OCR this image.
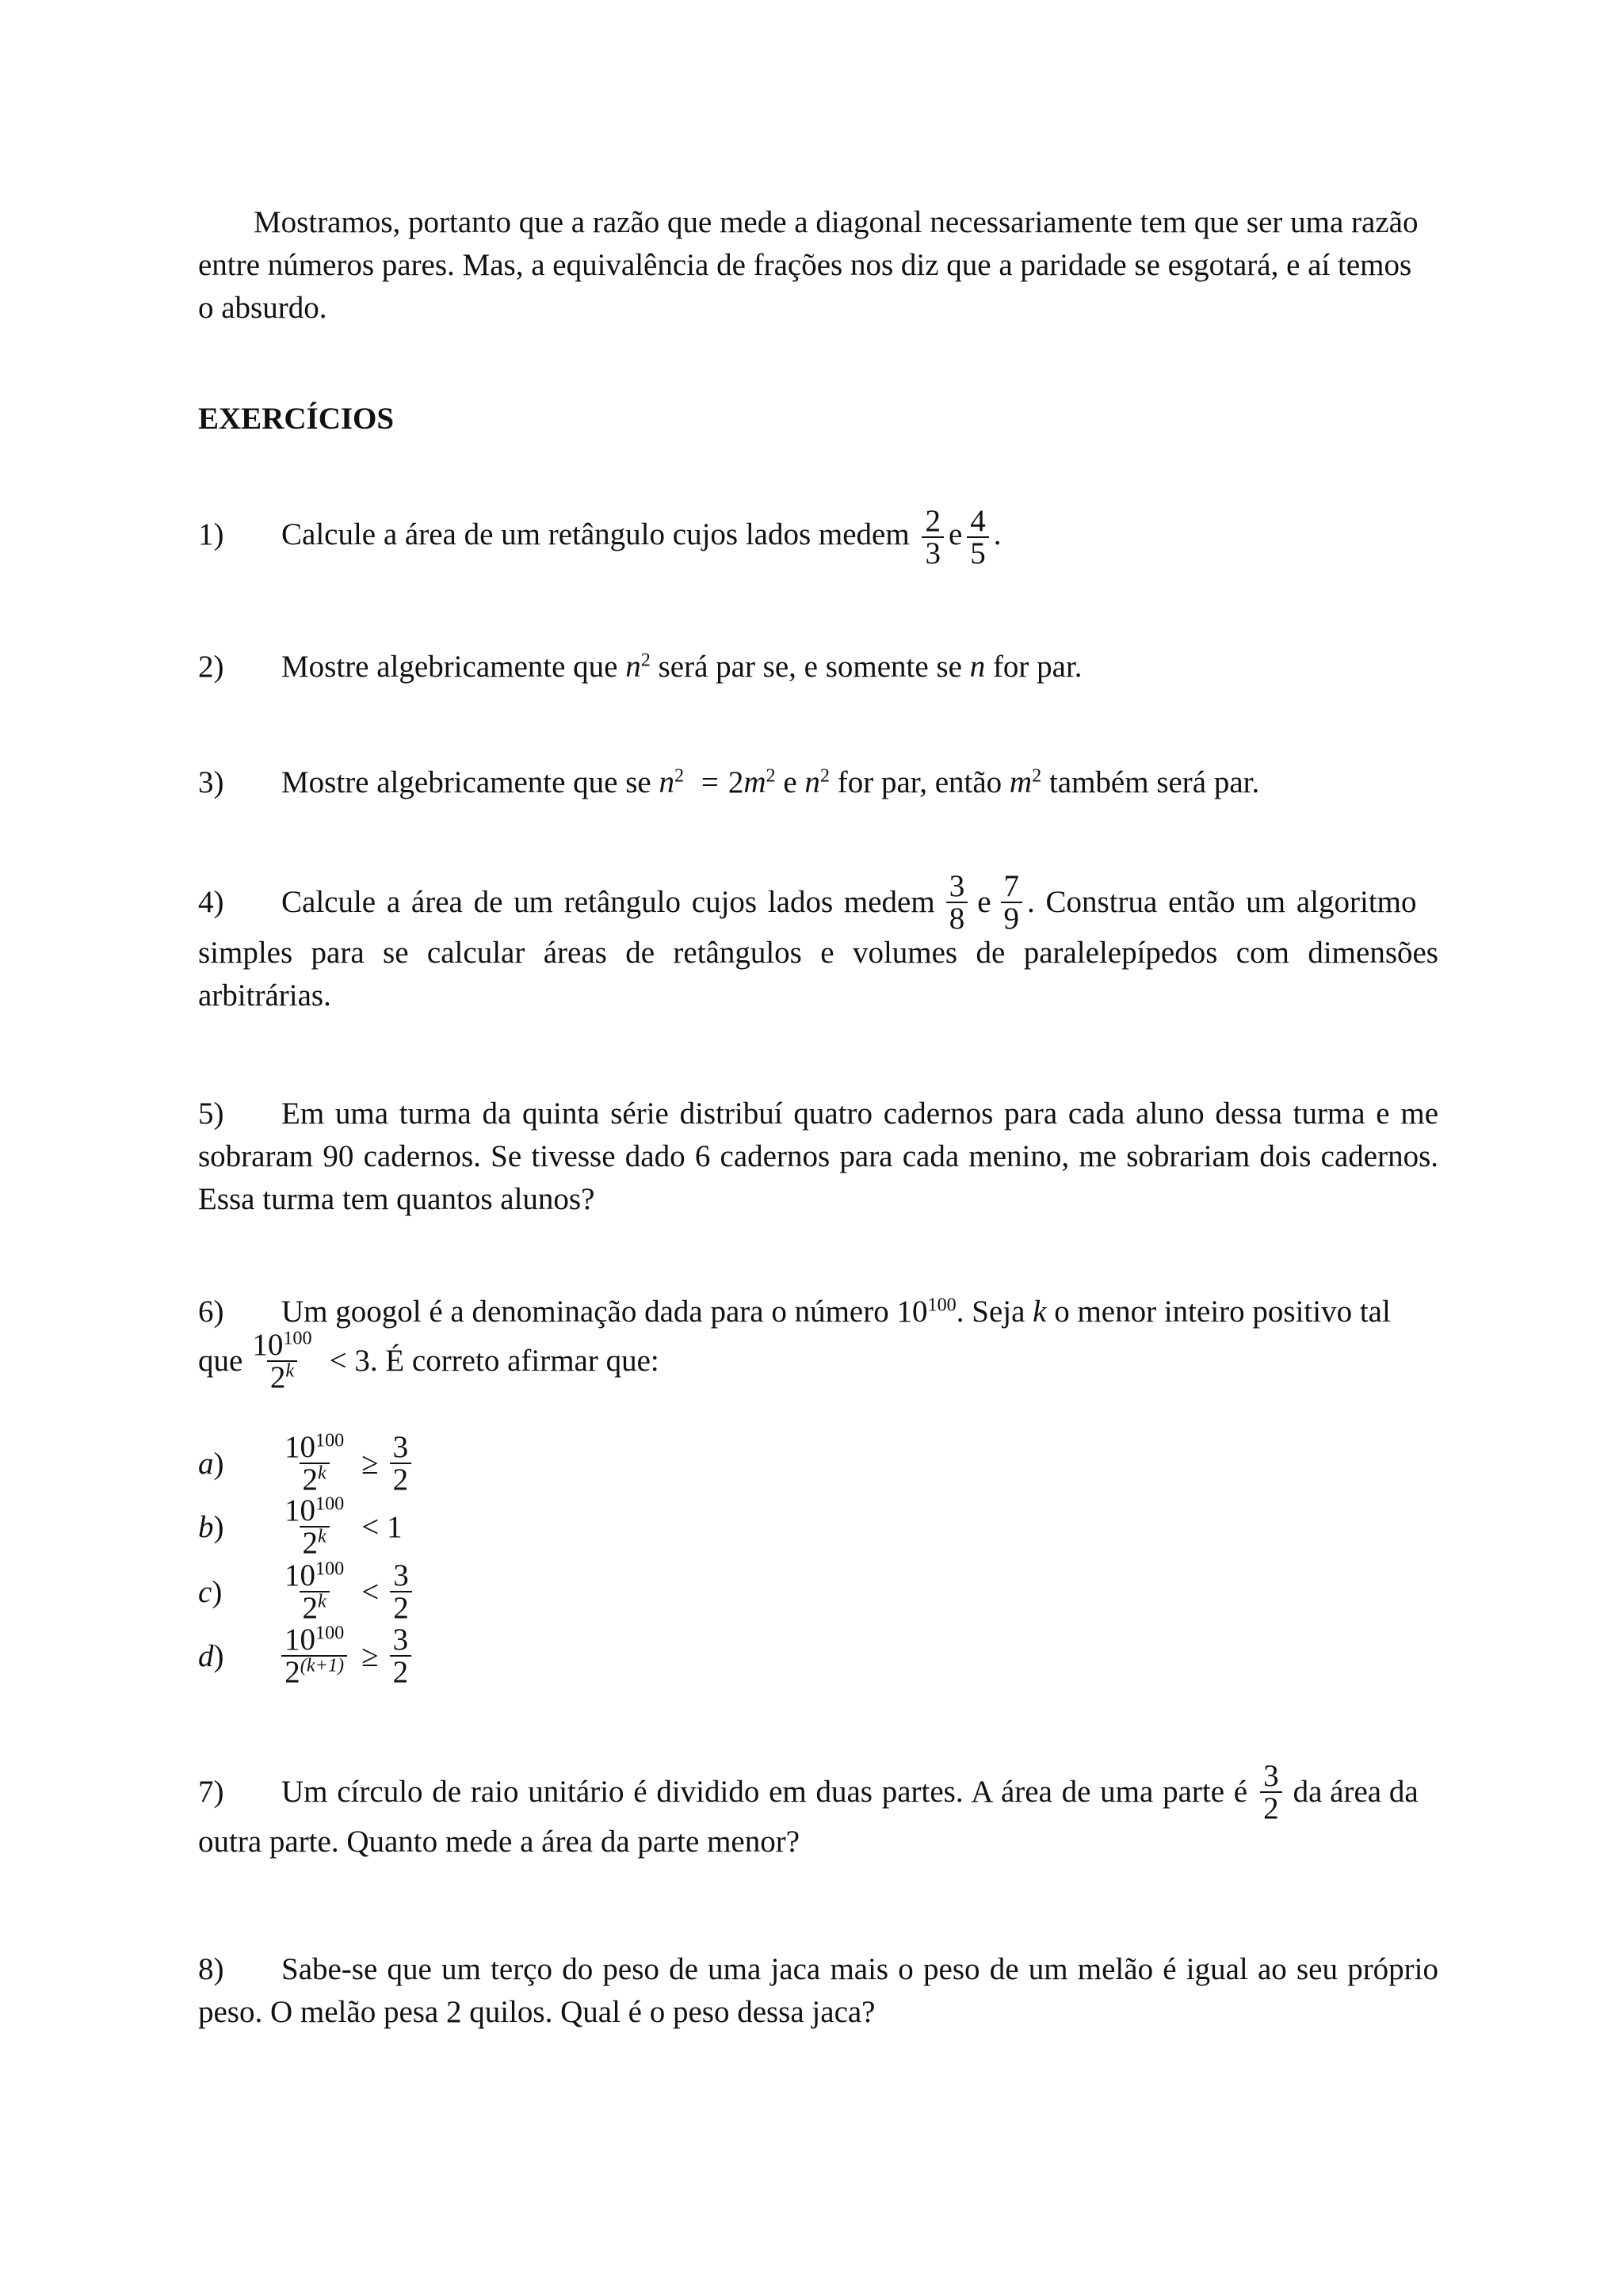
Mostramos, portanto que a razão que mede a diagonal necessariamente tem que ser uma razão
entre números pares. Mas, a equivalência de frações nos diz que a paridade se esgotará, e aí temos
o absurdo.
EXERCÍCIOS
1) Calcule a área de um retângulo cujos lados medem $\frac{2}{3}$ e $\frac{4}{5}$ .
2) Mostre algebricamente que $n^2$ será par se, e somente se n for par.
3) Mostre algebricamente que se $n^2 = 2m^2$ e $n^2$ for par, então $m^2$ também será par.
4)	Calcule a área de um retângulo cujos lados medem $\frac{3}{8}$ e $\frac{7}{9}$ . Construa então um algoritmo
simples para se calcular áreas de retângulos e volumes de paralelepípedos com dimensões
arbitrárias.
5) Em uma turma da quinta série distribuí quatro cadernos para cada aluno dessa turma e me
sobraram 90 cadernos. Se tivesse dado 6 cadernos para cada menino, me sobrariam dois cadernos.
Essa turma tem quantos alunos?
6) Um googol é a denominação dada para o número $10^{100}$. Seja k o menor inteiro positivo tal
que $\frac{10^{100}}{2^k} < 3$. É correto afirmar que:
a)	$\frac{10^{100}}{2^k} \ge \frac{3}{2}$
b)	$\frac{10^{100}}{2^k} < 1$
c)	$\frac{10^{100}}{2^k} < \frac{3}{2}$
d)	$\frac{10^{100}}{2^{(k+1)}} \ge \frac{3}{2}$
7)	Um círculo de raio unitário é dividido em duas partes. A área de uma parte é $\frac{3}{2}$ da área da
outra parte. Quanto mede a área da parte menor?
8) Sabe-se que um terço do peso de uma jaca mais o peso de um melão é igual ao seu próprio
peso. O melão pesa 2 quilos. Qual é o peso dessa jaca?
